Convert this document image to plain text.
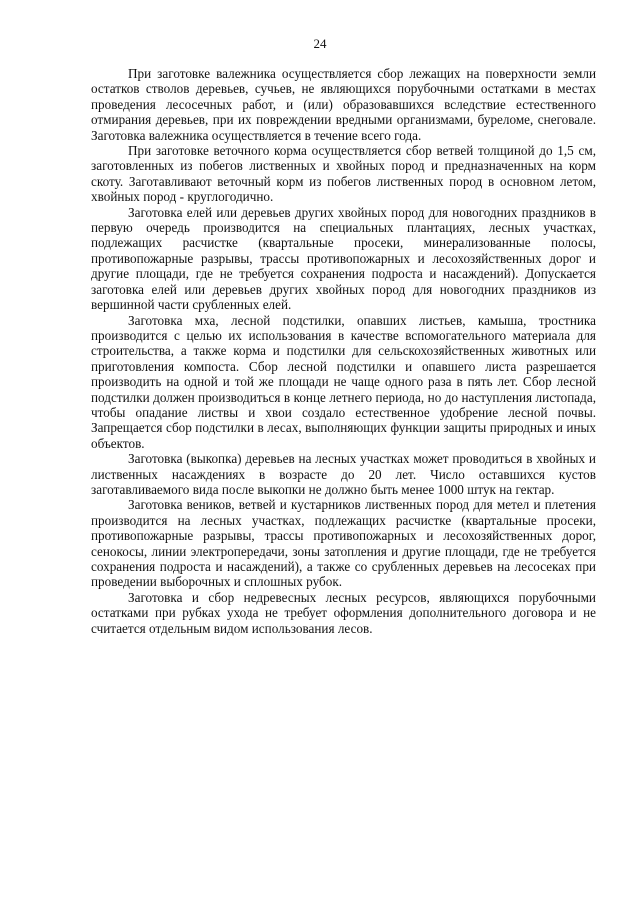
24

При заготовке валежника осуществляется сбор лежащих на поверхности земли остатков стволов деревьев, сучьев, не являющихся порубочными остатками в местах проведения лесосечных работ, и (или) образовавшихся вследствие естественного отмирания деревьев, при их повреждении вредными организмами, буреломе, снеговале. Заготовка валежника осуществляется в течение всего года.

При заготовке веточного корма осуществляется сбор ветвей толщиной до 1,5 см, заготовленных из побегов лиственных и хвойных пород и предназначенных на корм скоту. Заготавливают веточный корм из побегов лиственных пород в основном летом, хвойных пород - круглогодично.

Заготовка елей или деревьев других хвойных пород для новогодних праздников в первую очередь производится на специальных плантациях, лесных участках, подлежащих расчистке (квартальные просеки, минерализованные полосы, противопожарные разрывы, трассы противопожарных и лесохозяйственных дорог и другие площади, где не требуется сохранения подроста и насаждений). Допускается заготовка елей или деревьев других хвойных пород для новогодних праздников из вершинной части срубленных елей.

Заготовка мха, лесной подстилки, опавших листьев, камыша, тростника производится с целью их использования в качестве вспомогательного материала для строительства, а также корма и подстилки для сельскохозяйственных животных или приготовления компоста. Сбор лесной подстилки и опавшего листа разрешается производить на одной и той же площади не чаще одного раза в пять лет. Сбор лесной подстилки должен производиться в конце летнего периода, но до наступления листопада, чтобы опадание листвы и хвои создало естественное удобрение лесной почвы. Запрещается сбор подстилки в лесах, выполняющих функции защиты природных и иных объектов.

Заготовка (выкопка) деревьев на лесных участках может проводиться в хвойных и лиственных насаждениях в возрасте до 20 лет. Число оставшихся кустов заготавливаемого вида после выкопки не должно быть менее 1000 штук на гектар.

Заготовка веников, ветвей и кустарников лиственных пород для метел и плетения производится на лесных участках, подлежащих расчистке (квартальные просеки, противопожарные разрывы, трассы противопожарных и лесохозяйственных дорог, сенокосы, линии электропередачи, зоны затопления и другие площади, где не требуется сохранения подроста и насаждений), а также со срубленных деревьев на лесосеках при проведении выборочных и сплошных рубок.

Заготовка и сбор недревесных лесных ресурсов, являющихся порубочными остатками при рубках ухода не требует оформления дополнительного договора и не считается отдельным видом использования лесов.
